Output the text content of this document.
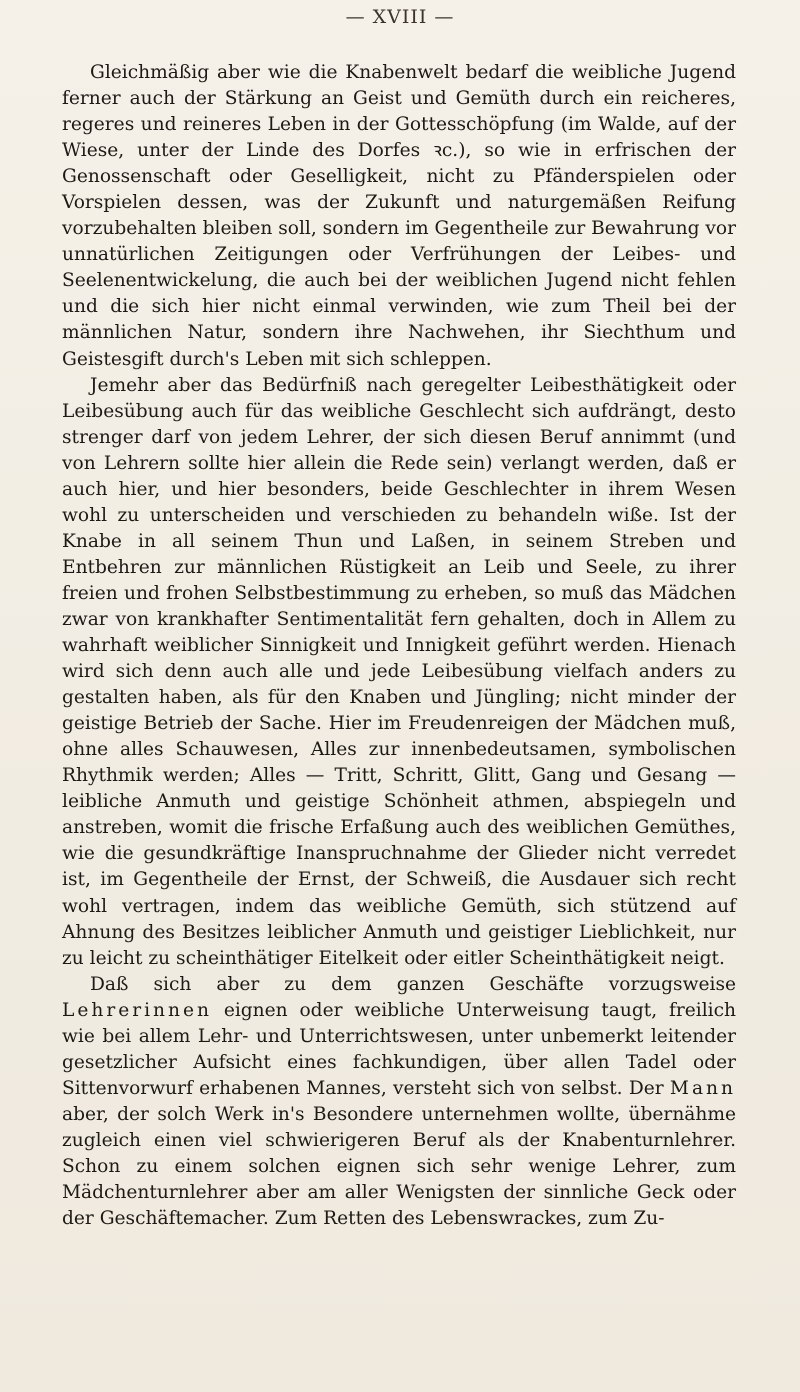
— XVIII —

Gleichmäßig aber wie die Knabenwelt bedarf die weibliche Jugend ferner auch der Stärkung an Geist und Gemüth durch ein reicheres, regeres und reineres Leben in der Gottesschöpfung (im Walde, auf der Wiese, unter der Linde des Dorfes ꝛc.), so wie in erfrischen der Genossenschaft oder Geselligkeit, nicht zu Pfänderspielen oder Vorspielen dessen, was der Zukunft und naturgemäßen Reifung vorzubehalten bleiben soll, sondern im Gegentheile zur Bewahrung vor unnatürlichen Zeitigungen oder Verfrühungen der Leibes- und Seelenentwickelung, die auch bei der weiblichen Jugend nicht fehlen und die sich hier nicht einmal verwinden, wie zum Theil bei der männlichen Natur, sondern ihre Nachwehen, ihr Siechthum und Geistesgift durch's Leben mit sich schleppen.

Jemehr aber das Bedürfniß nach geregelter Leibesthätigkeit oder Leibesübung auch für das weibliche Geschlecht sich aufdrängt, desto strenger darf von jedem Lehrer, der sich diesen Beruf annimmt (und von Lehrern sollte hier allein die Rede sein) verlangt werden, daß er auch hier, und hier besonders, beide Geschlechter in ihrem Wesen wohl zu unterscheiden und verschieden zu behandeln wiße. Ist der Knabe in all seinem Thun und Laßen, in seinem Streben und Entbehren zur männlichen Rüstigkeit an Leib und Seele, zu ihrer freien und frohen Selbstbestimmung zu erheben, so muß das Mädchen zwar von krankhafter Sentimentalität fern gehalten, doch in Allem zu wahrhaft weiblicher Sinnigkeit und Innigkeit geführt werden. Hienach wird sich denn auch alle und jede Leibesübung vielfach anders zu gestalten haben, als für den Knaben und Jüngling; nicht minder der geistige Betrieb der Sache. Hier im Freudenreigen der Mädchen muß, ohne alles Schauwesen, Alles zur innenbedeutsamen, symbolischen Rhythmik werden; Alles — Tritt, Schritt, Glitt, Gang und Gesang — leibliche Anmuth und geistige Schönheit athmen, abspiegeln und anstreben, womit die frische Erfaßung auch des weiblichen Gemüthes, wie die gesundkräftige Inanspruchnahme der Glieder nicht verredet ist, im Gegentheile der Ernst, der Schweiß, die Ausdauer sich recht wohl vertragen, indem das weibliche Gemüth, sich stützend auf Ahnung des Besitzes leiblicher Anmuth und geistiger Lieblichkeit, nur zu leicht zu scheinthätiger Eitelkeit oder eitler Scheinthätigkeit neigt.

Daß sich aber zu dem ganzen Geschäfte vorzugsweise Lehrerinnen eignen oder weibliche Unterweisung taugt, freilich wie bei allem Lehr- und Unterrichtswesen, unter unbemerkt leitender gesetzlicher Aufsicht eines fachkundigen, über allen Tadel oder Sittenvorwurf erhabenen Mannes, versteht sich von selbst. Der Mann aber, der solch Werk in's Besondere unternehmen wollte, übernähme zugleich einen viel schwierigeren Beruf als der Knabenturnlehrer. Schon zu einem solchen eignen sich sehr wenige Lehrer, zum Mädchenturnlehrer aber am aller Wenigsten der sinnliche Geck oder der Geschäftemacher. Zum Retten des Lebenswrackes, zum Zu-
